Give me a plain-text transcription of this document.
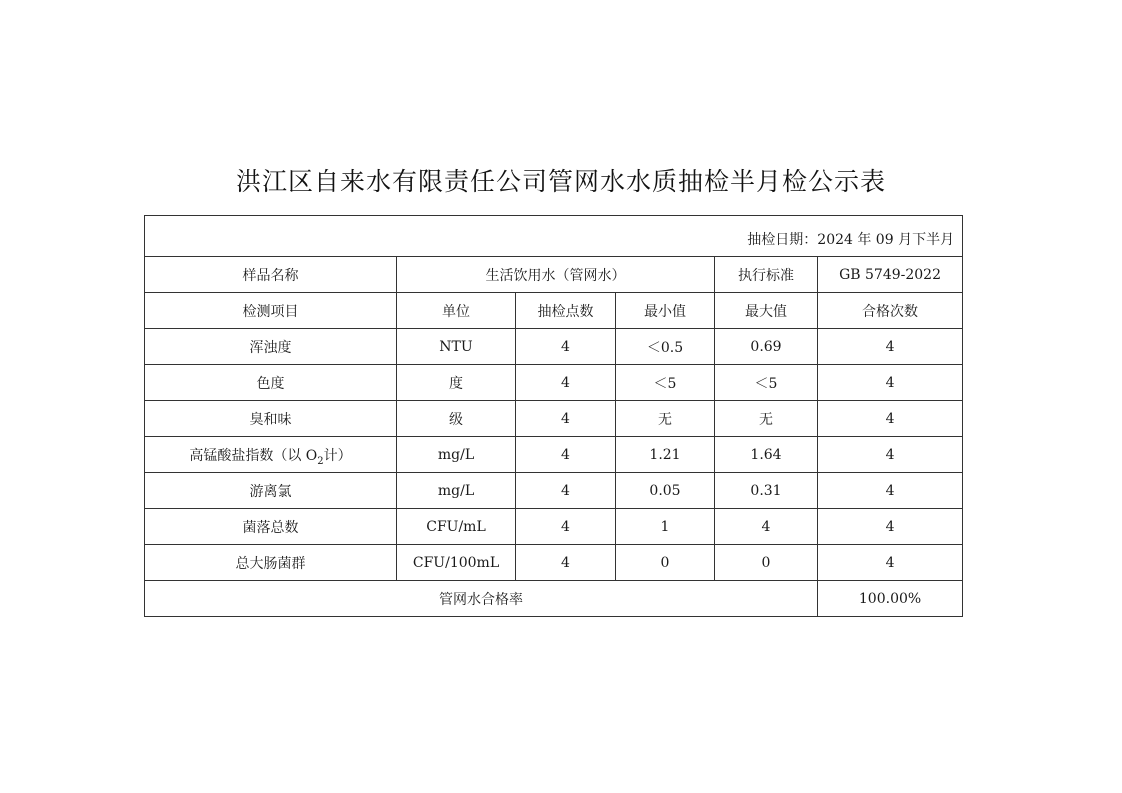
洪江区自来水有限责任公司管网水水质抽检半月检公示表
抽检日期：2024 年 09 月下半月					
样品名称	生活饮用水（管网水）			执行标准	GB 5749-2022
检测项目	单位	抽检点数	最小值	最大值	合格次数
浑浊度	NTU	4	＜0.5	0.69	4
色度	度	4	＜5	＜5	4
臭和味	级	4	无	无	4
高锰酸盐指数（以 $O_2$计）	mg/L	4	1.21	1.64	4
游离氯	mg/L	4	0.05	0.31	4
菌落总数	CFU/mL	4	1	4	4
总大肠菌群	CFU/100mL	4	0	0	4
管网水合格率					100.00%
